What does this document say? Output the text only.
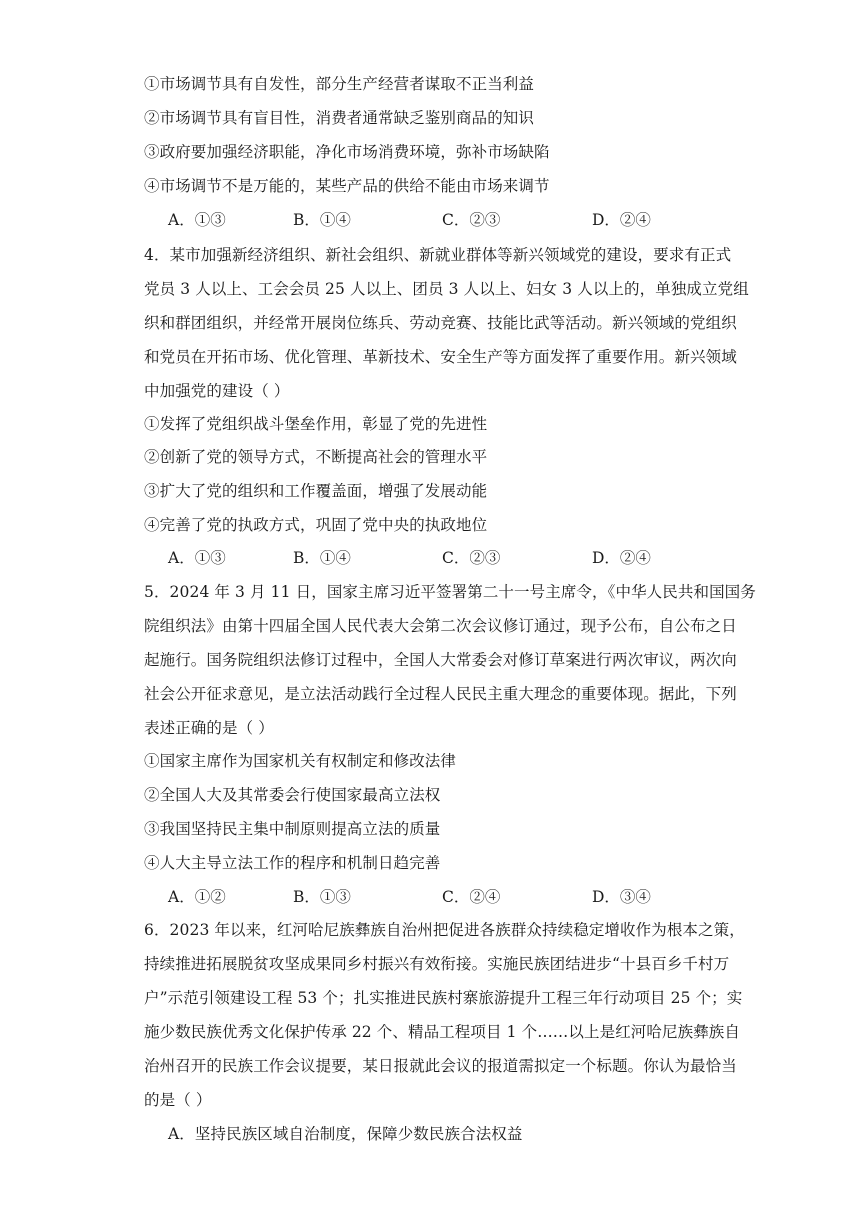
①市场调节具有自发性，部分生产经营者谋取不正当利益
②市场调节具有盲目性，消费者通常缺乏鉴别商品的知识
③政府要加强经济职能，净化市场消费环境，弥补市场缺陷
④市场调节不是万能的，某些产品的供给不能由市场来调节
A．①③	B．①④	C．②③	D．②④
4．某市加强新经济组织、新社会组织、新就业群体等新兴领域党的建设，要求有正式
党员 3 人以上、工会会员 25 人以上、团员 3 人以上、妇女 3 人以上的，单独成立党组
织和群团组织，并经常开展岗位练兵、劳动竞赛、技能比武等活动。新兴领域的党组织
和党员在开拓市场、优化管理、革新技术、安全生产等方面发挥了重要作用。新兴领域
中加强党的建设（ ）
①发挥了党组织战斗堡垒作用，彰显了党的先进性
②创新了党的领导方式，不断提高社会的管理水平
③扩大了党的组织和工作覆盖面，增强了发展动能
④完善了党的执政方式，巩固了党中央的执政地位
A．①③	B．①④	C．②③	D．②④
5．2024 年 3 月 11 日，国家主席习近平签署第二十一号主席令，《中华人民共和国国务
院组织法》由第十四届全国人民代表大会第二次会议修订通过，现予公布，自公布之日
起施行。国务院组织法修订过程中，全国人大常委会对修订草案进行两次审议，两次向
社会公开征求意见，是立法活动践行全过程人民民主重大理念的重要体现。据此，下列
表述正确的是（ ）
①国家主席作为国家机关有权制定和修改法律
②全国人大及其常委会行使国家最高立法权
③我国坚持民主集中制原则提高立法的质量
④人大主导立法工作的程序和机制日趋完善
A．①②	B．①③	C．②④	D．③④
6．2023 年以来，红河哈尼族彝族自治州把促进各族群众持续稳定增收作为根本之策，
持续推进拓展脱贫攻坚成果同乡村振兴有效衔接。实施民族团结进步“十县百乡千村万
户”示范引领建设工程 53 个；扎实推进民族村寨旅游提升工程三年行动项目 25 个；实
施少数民族优秀文化保护传承 22 个、精品工程项目 1 个……以上是红河哈尼族彝族自
治州召开的民族工作会议提要，某日报就此会议的报道需拟定一个标题。你认为最恰当
的是（ ）
A．坚持民族区域自治制度，保障少数民族合法权益
